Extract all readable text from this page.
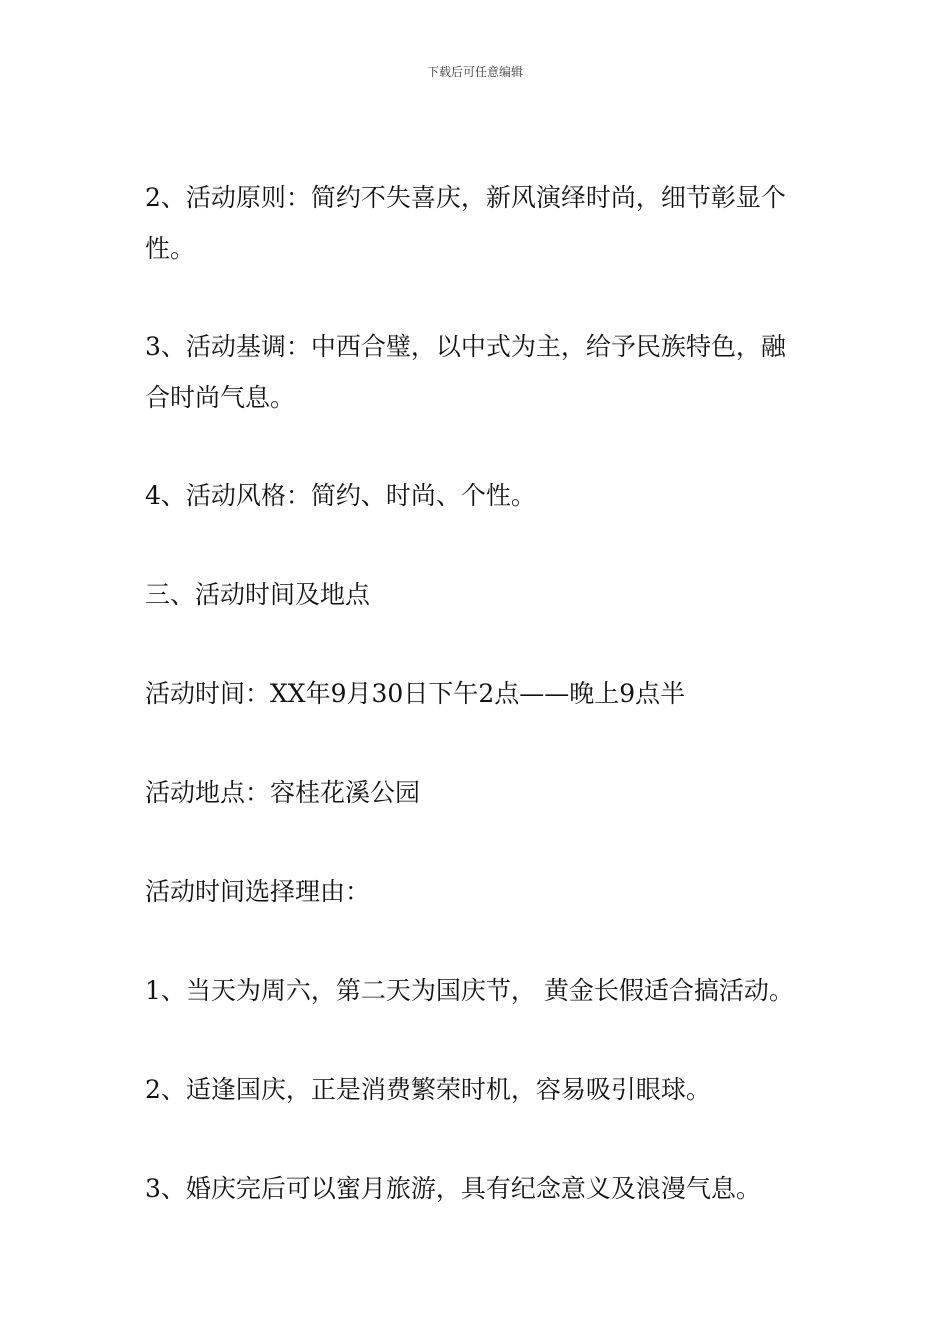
下载后可任意编辑

2、活动原则：简约不失喜庆，新风演绎时尚，细节彰显个性。

3、活动基调：中西合璧，以中式为主，给予民族特色，融合时尚气息。

4、活动风格：简约、时尚、个性。

三、活动时间及地点

活动时间：XX年9月30日下午2点——晚上9点半

活动地点：容桂花溪公园

活动时间选择理由：

1、当天为周六，第二天为国庆节， 黄金长假适合搞活动。

2、适逢国庆，正是消费繁荣时机，容易吸引眼球。

3、婚庆完后可以蜜月旅游，具有纪念意义及浪漫气息。
